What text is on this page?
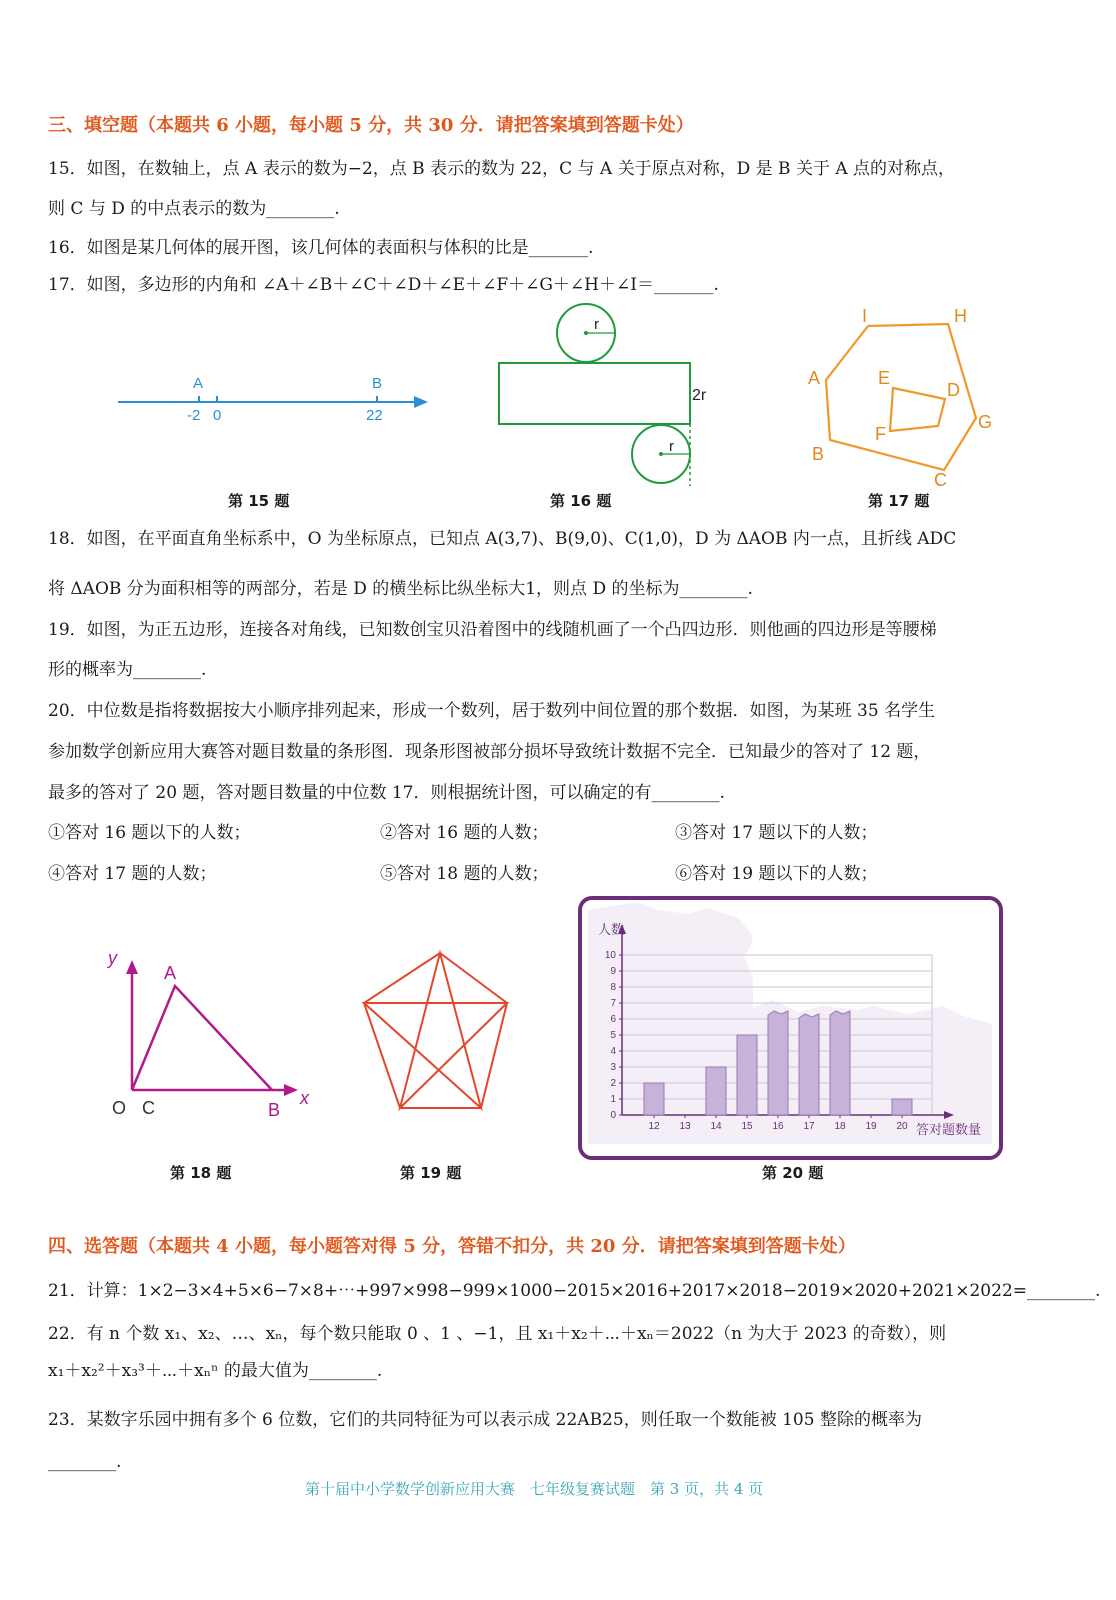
三、填空题（本题共 6 小题，每小题 5 分，共 30 分．请把答案填到答题卡处）
15．如图，在数轴上，点 A 表示的数为−2，点 B 表示的数为 22，C 与 A 关于原点对称，D 是 B 关于 A 点的对称点，
则 C 与 D 的中点表示的数为________.
16．如图是某几何体的展开图，该几何体的表面积与体积的比是_______.
17．如图，多边形的内角和 ∠A＋∠B＋∠C＋∠D＋∠E＋∠F＋∠G＋∠H＋∠I＝_______.
A	B
-2 0	22
第 15 题
r
2r
r
第 16 题
I	H
A	E
D
G
F
B
C
第 17 题
18．如图，在平面直角坐标系中，O 为坐标原点，已知点 A(3,7)、B(9,0)、C(1,0)，D 为 ΔAOB 内一点，且折线 ADC
将 ΔAOB 分为面积相等的两部分，若是 D 的横坐标比纵坐标大1，则点 D 的坐标为________.
19．如图，为正五边形，连接各对角线，已知数创宝贝沿着图中的线随机画了一个凸四边形．则他画的四边形是等腰梯
形的概率为________.
20．中位数是指将数据按大小顺序排列起来，形成一个数列，居于数列中间位置的那个数据．如图，为某班 35 名学生
参加数学创新应用大赛答对题目数量的条形图．现条形图被部分损坏导致统计数据不完全．已知最少的答对了 12 题，
最多的答对了 20 题，答对题目数量的中位数 17．则根据统计图，可以确定的有________.
①答对 16 题以下的人数；	②答对 16 题的人数；	③答对 17 题以下的人数；
④答对 17 题的人数；	⑤答对 18 题的人数；	⑥答对 19 题以下的人数；
y
A
O C	B
x
第 18 题	第 19 题
0
1
2
3
4
5
6
7
8
9
10
12 13 14 15 16 17 18 19 20
人数
答对题数量
第 20 题
四、选答题（本题共 4 小题，每小题答对得 5 分，答错不扣分，共 20 分．请把答案填到答题卡处）
21．计算：1×2−3×4+5×6−7×8+⋯+997×998−999×1000−2015×2016+2017×2018−2019×2020+2021×2022=________.
22．有 n 个数 x₁、x₂、…、xₙ，每个数只能取 0 、1 、−1，且 x₁＋x₂＋⋯＋xₙ＝2022（n 为大于 2023 的奇数），则
x₁＋x₂²＋x₃³＋⋯＋xₙⁿ 的最大值为________.
23．某数字乐园中拥有多个 6 位数，它们的共同特征为可以表示成 22AB25，则任取一个数能被 105 整除的概率为
________.
第十届中小学数学创新应用大赛　七年级复赛试题　第 3 页，共 4 页
